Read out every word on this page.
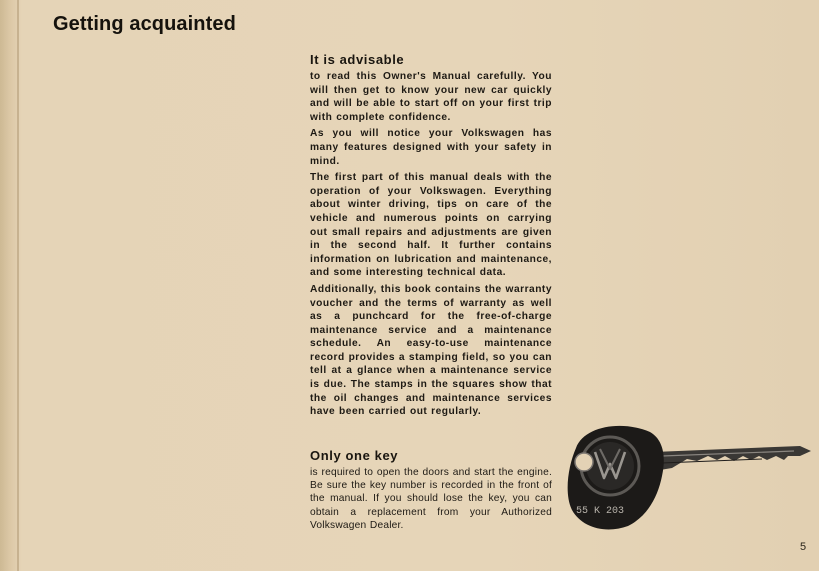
Getting acquainted
It is advisable

to read this Owner's Manual carefully. You will then get to know your new car quickly and will be able to start off on your first trip with complete confidence.

As you will notice your Volkswagen has many features designed with your safety in mind.

The first part of this manual deals with the operation of your Volkswagen. Everything about winter driving, tips on care of the vehicle and numerous points on carrying out small repairs and adjustments are given in the second half. It further contains information on lubrication and maintenance, and some interesting technical data.

Additionally, this book contains the warranty voucher and the terms of warranty as well as a punchcard for the free-of-charge maintenance service and a maintenance schedule. An easy-to-use maintenance record provides a stamping field, so you can tell at a glance when a maintenance service is due. The stamps in the squares show that the oil changes and maintenance services have been carried out regularly.

Only one key

is required to open the doors and start the engine. Be sure the key number is recorded in the front of the manual. If you should lose the key, you can obtain a replacement from your Authorized Volkswagen Dealer.

55 K 203
5
